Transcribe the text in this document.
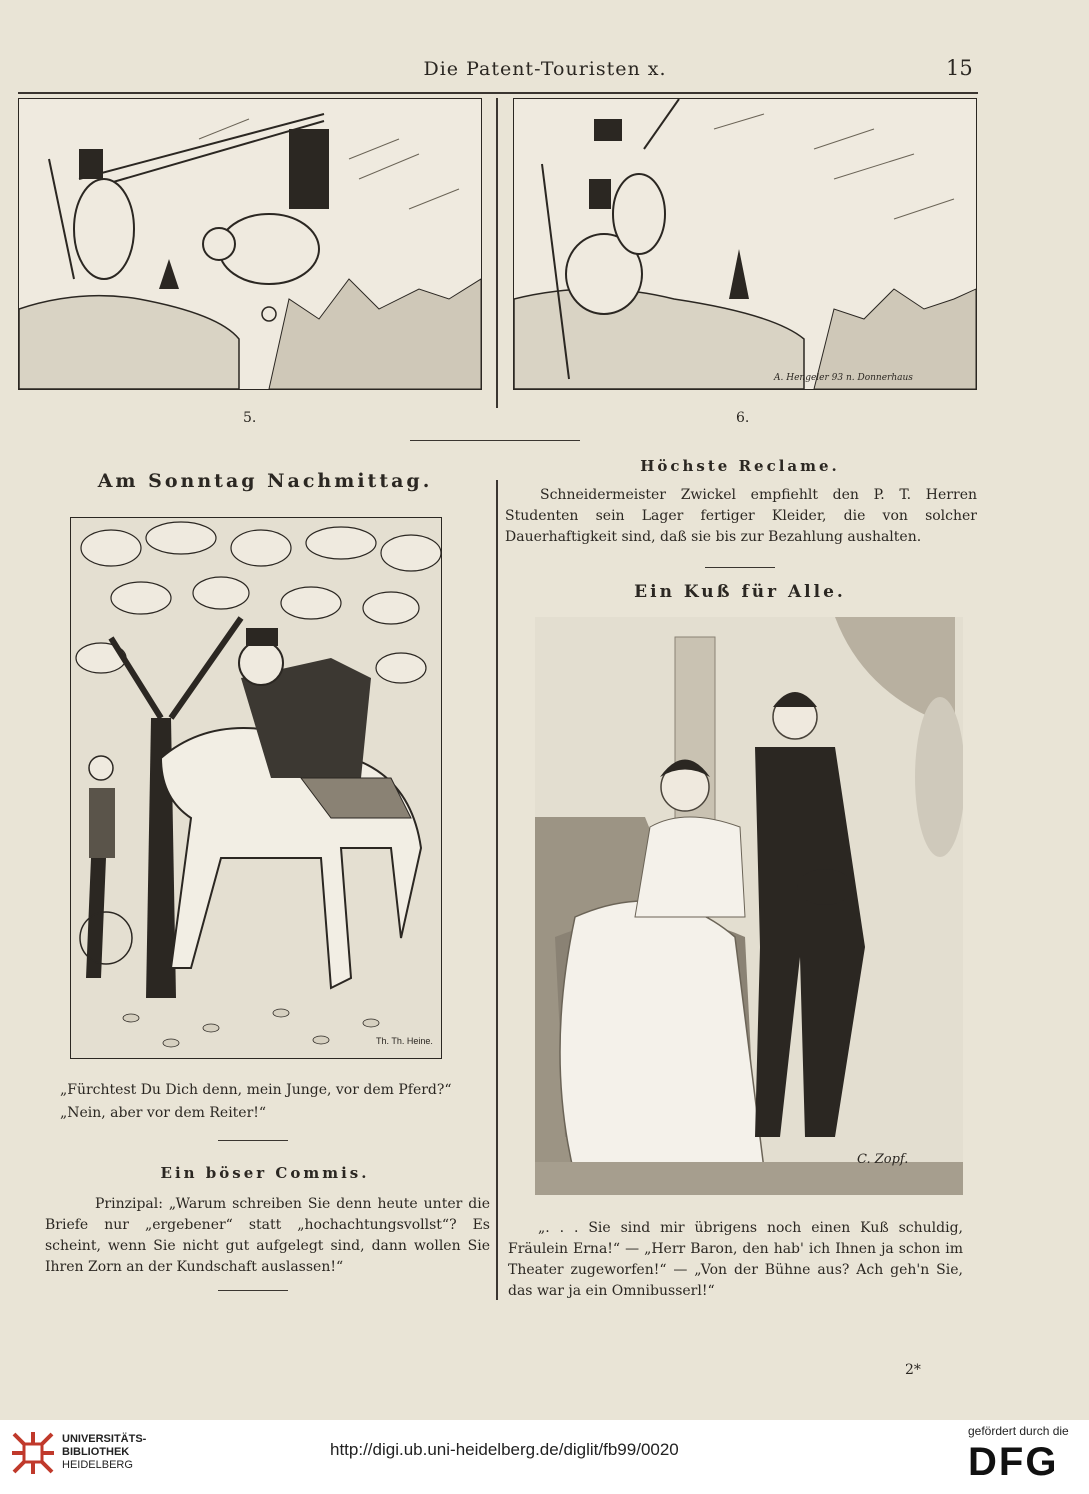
Die Patent-Touristen x.	15
A. Hengeler 93 n. Donnerhaus
5.	6.
Am Sonntag Nachmittag.
Th. Th. Heine.
„Fürchtest Du Dich denn, mein Junge, vor dem Pferd?“
„Nein, aber vor dem Reiter!“
Ein böser Commis.
Prinzipal: „Warum schreiben Sie denn heute unter die Briefe nur „ergebener“ statt „hochachtungsvollst“? Es scheint, wenn Sie nicht gut aufgelegt sind, dann wollen Sie Ihren Zorn an der Kundschaft auslassen!“
Höchste Reclame.
Schneidermeister Zwickel empfiehlt den P. T. Herren Studenten sein Lager fertiger Kleider, die von solcher Dauerhaftigkeit sind, daß sie bis zur Bezahlung aushalten.
Ein Kuß für Alle.
C. Zopf.
„. . . Sie sind mir übrigens noch einen Kuß schuldig, Fräulein Erna!“ — „Herr Baron, den hab' ich Ihnen ja schon im Theater zugeworfen!“ — „Von der Bühne aus? Ach geh'n Sie, das war ja ein Omnibusserl!“
2*
UNIVERSITÄTS-
BIBLIOTHEK
HEIDELBERG
http://digi.ub.uni-heidelberg.de/diglit/fb99/0020
gefördert durch die
DFG
